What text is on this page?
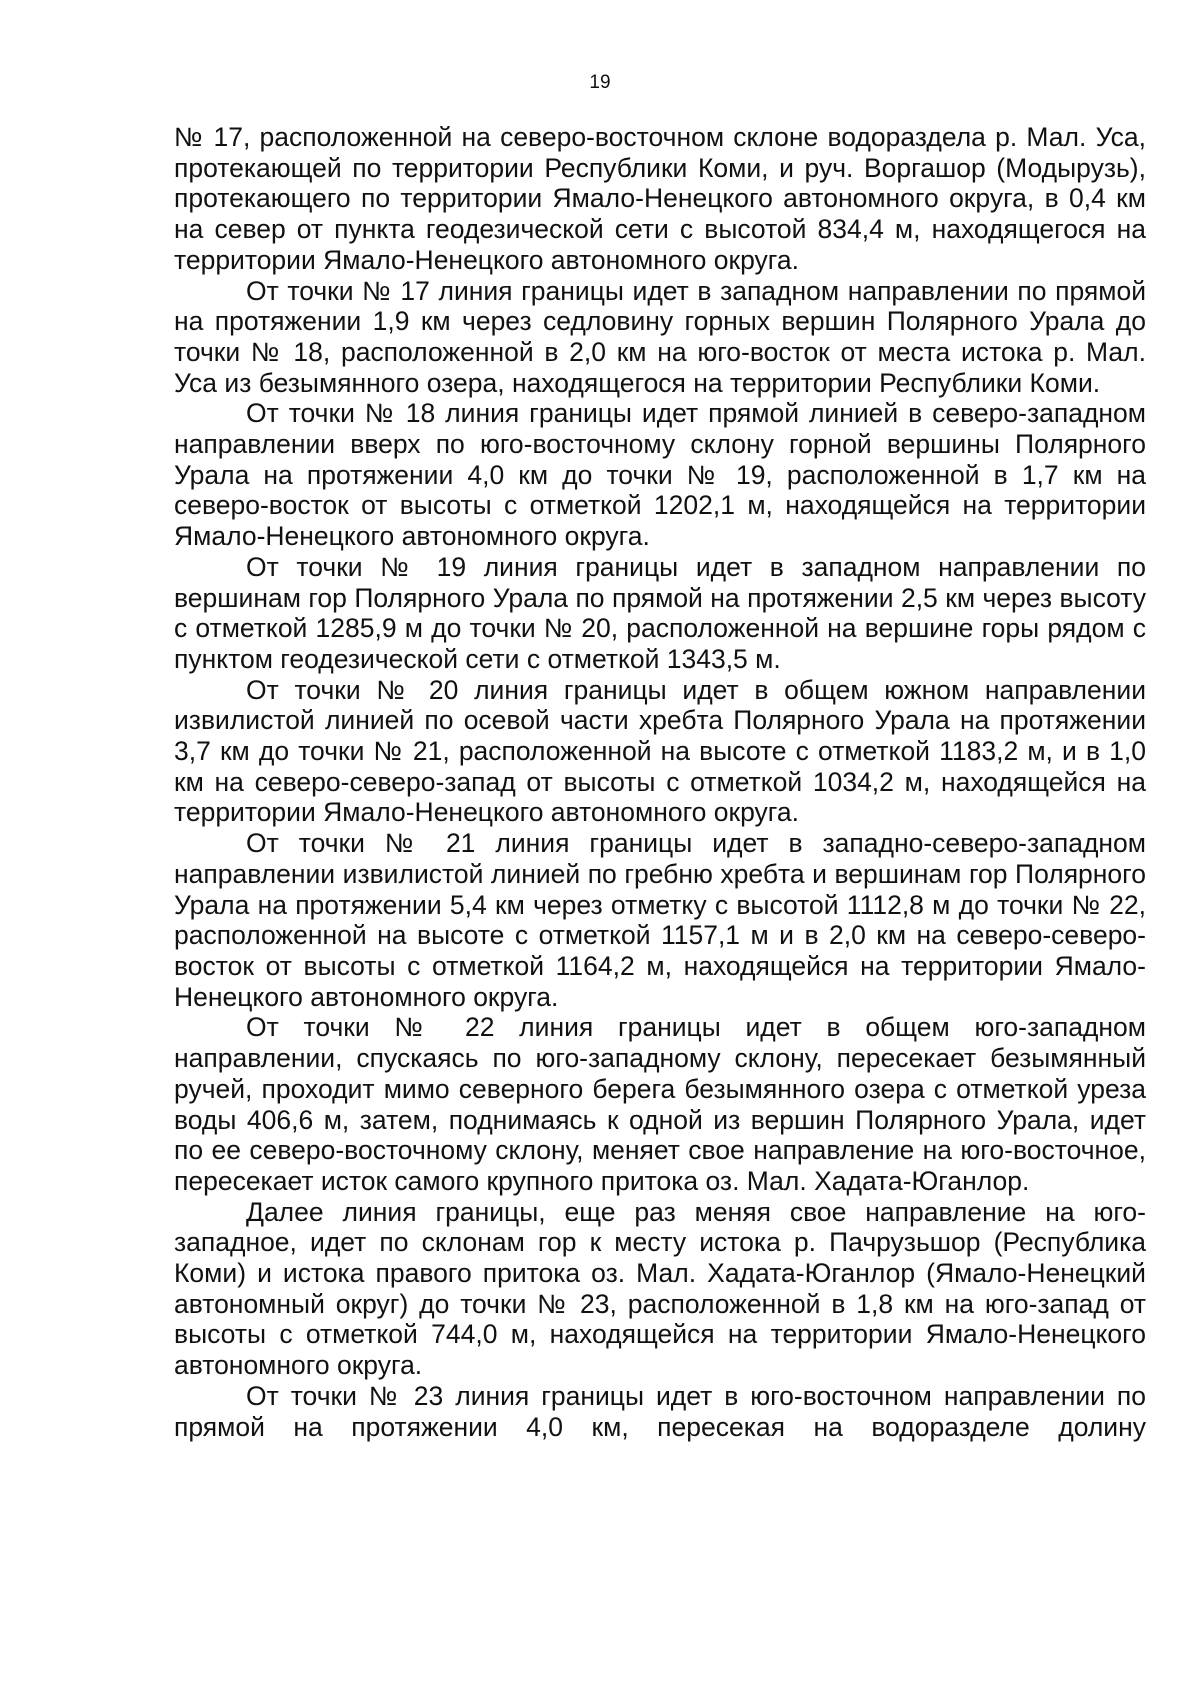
19

№ 17, расположенной на северо-восточном склоне водораздела р. Мал. Уса, протекающей по территории Республики Коми, и руч. Воргашор (Модырузь), протекающего по территории Ямало-Ненецкого автономного округа, в 0,4 км на север от пункта геодезической сети с высотой 834,4 м, находящегося на территории Ямало-Ненецкого автономного округа.

От точки № 17 линия границы идет в западном направлении по прямой на протяжении 1,9 км через седловину горных вершин Полярного Урала до точки № 18, расположенной в 2,0 км на юго-восток от места истока р. Мал. Уса из безымянного озера, находящегося на территории Республики Коми.

От точки № 18 линия границы идет прямой линией в северо-западном направлении вверх по юго-восточному склону горной вершины Полярного Урала на протяжении 4,0 км до точки № 19, расположенной в 1,7 км на северо-восток от высоты с отметкой 1202,1 м, находящейся на территории Ямало-Ненецкого автономного округа.

От точки № 19 линия границы идет в западном направлении по вершинам гор Полярного Урала по прямой на протяжении 2,5 км через высоту с отметкой 1285,9 м до точки № 20, расположенной на вершине горы рядом с пунктом геодезической сети с отметкой 1343,5 м.

От точки № 20 линия границы идет в общем южном направлении извилистой линией по осевой части хребта Полярного Урала на протяжении 3,7 км до точки № 21, расположенной на высоте с отметкой 1183,2 м, и в 1,0 км на северо-северо-запад от высоты с отметкой 1034,2 м, находящейся на территории Ямало-Ненецкого автономного округа.

От точки № 21 линия границы идет в западно-северо-западном направлении извилистой линией по гребню хребта и вершинам гор Полярного Урала на протяжении 5,4 км через отметку с высотой 1112,8 м до точки № 22, расположенной на высоте с отметкой 1157,1 м и в 2,0 км на северо-северо-восток от высоты с отметкой 1164,2 м, находящейся на территории Ямало-Ненецкого автономного округа.

От точки № 22 линия границы идет в общем юго-западном направлении, спускаясь по юго-западному склону, пересекает безымянный ручей, проходит мимо северного берега безымянного озера с отметкой уреза воды 406,6 м, затем, поднимаясь к одной из вершин Полярного Урала, идет по ее северо-восточному склону, меняет свое направление на юго-восточное, пересекает исток самого крупного притока оз. Мал. Хадата-Юганлор.

Далее линия границы, еще раз меняя свое направление на юго-западное, идет по склонам гор к месту истока р. Пачрузьшор (Республика Коми) и истока правого притока оз. Мал. Хадата-Юганлор (Ямало-Ненецкий автономный округ) до точки № 23, расположенной в 1,8 км на юго-запад от высоты с отметкой 744,0 м, находящейся на территории Ямало-Ненецкого автономного округа.

От точки № 23 линия границы идет в юго-восточном направлении по прямой на протяжении 4,0 км, пересекая на водоразделе долину
